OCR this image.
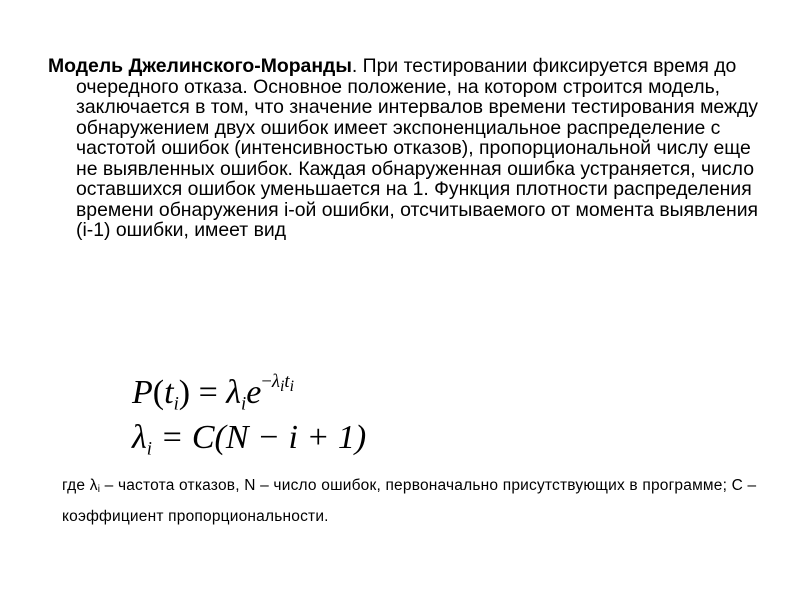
Модель Джелинского-Моранды. При тестировании фиксируется время до очередного отказа. Основное положение, на котором строится модель, заключается в том, что значение интервалов времени тестирования между обнаружением двух ошибок имеет экспоненциальное распределение с частотой ошибок (интенсивностью отказов), пропорциональной числу еще не выявленных ошибок. Каждая обнаруженная ошибка устраняется, число оставшихся ошибок уменьшается на 1. Функция плотности распределения времени обнаружения i-ой ошибки, отсчитываемого от момента выявления (i-1) ошибки, имеет вид
$P(t_i) = \lambda_ie^{-\lambda_it_i}$
$\lambda_i = C(N - i + 1)$
где $\lambda_i$ – частота отказов, N – число ошибок, первоначально присутствующих в программе; C – коэффициент пропорциональности.
